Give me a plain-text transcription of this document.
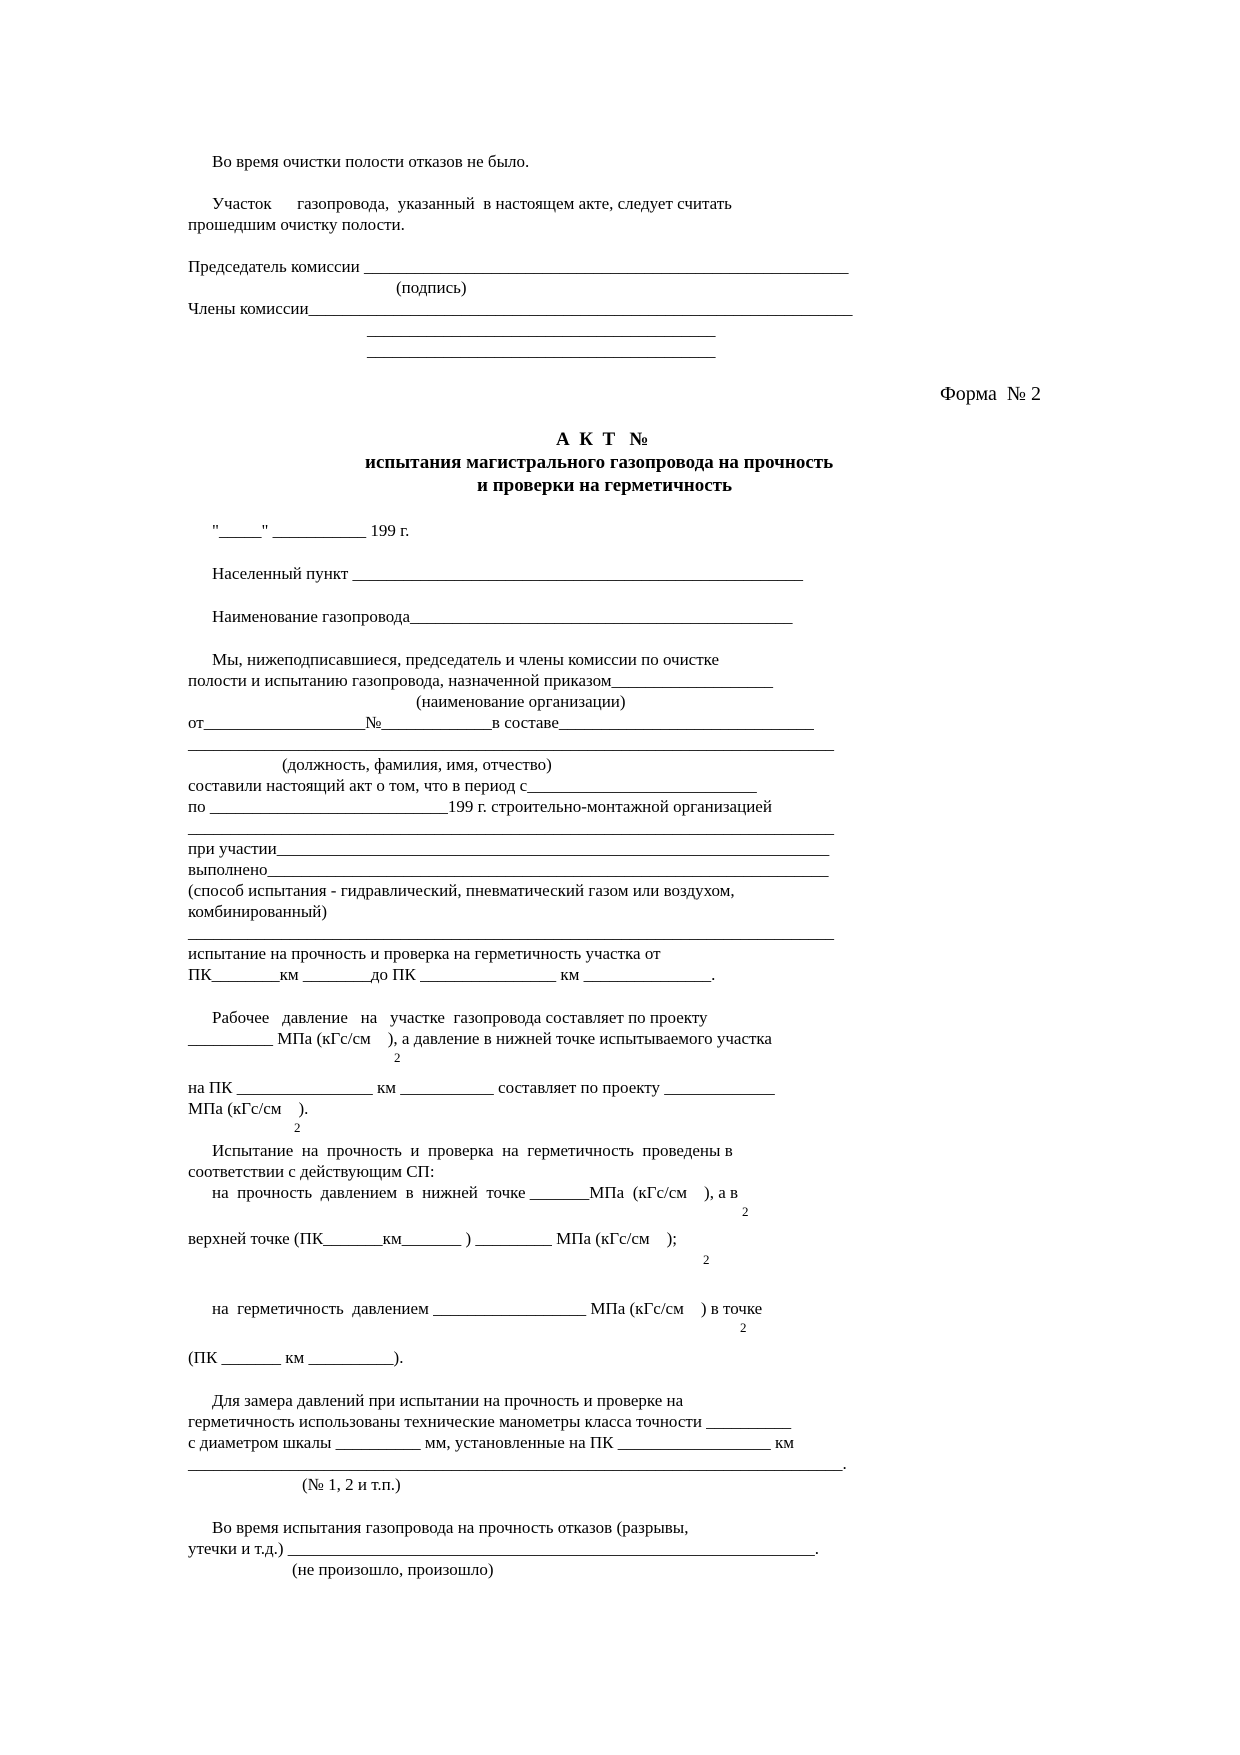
Во время очистки полости отказов не было.
Участок      газопровода,  указанный  в настоящем акте, следует считать
прошедшим очистку полости.
Председатель комиссии _________________________________________________________
(подпись)
Члены комиссии________________________________________________________________
_________________________________________
_________________________________________
Форма  № 2
А  К  Т   №
испытания магистрального газопровода на прочность
и проверки на герметичность
"_____" ___________ 199 г.
Населенный пункт _____________________________________________________
Наименование газопровода_____________________________________________
Мы, нижеподписавшиеся, председатель и члены комиссии по очистке
полости и испытанию газопровода, назначенной приказом___________________
(наименование организации)
от___________________№_____________в составе______________________________
____________________________________________________________________________
(должность, фамилия, имя, отчество)
составили настоящий акт о том, что в период с___________________________
по ____________________________199 г. строительно-монтажной организацией
____________________________________________________________________________
при участии_________________________________________________________________
выполнено__________________________________________________________________
(способ испытания - гидравлический, пневматический газом или воздухом,
комбинированный)
____________________________________________________________________________
испытание на прочность и проверка на герметичность участка от
ПК________км ________до ПК ________________ км _______________.
Рабочее   давление   на   участке  газопровода составляет по проекту
__________ МПа (кГс/см    ), а давление в нижней точке испытываемого участка
2
на ПК ________________ км ___________ составляет по проекту _____________
МПа (кГс/см    ).
2
Испытание  на  прочность  и  проверка  на  герметичность  проведены в
соответствии с действующим СП:
на  прочность  давлением  в  нижней  точке _______МПа  (кГс/см    ), а в
2
верхней точке (ПК_______км_______ ) _________ МПа (кГс/см    );
2
на  герметичность  давлением __________________ МПа (кГс/см    ) в точке
2
(ПК _______ км __________).
Для замера давлений при испытании на прочность и проверке на
герметичность использованы технические манометры класса точности __________
с диаметром шкалы __________ мм, установленные на ПК __________________ км
_____________________________________________________________________________.
(№ 1, 2 и т.п.)
Во время испытания газопровода на прочность отказов (разрывы,
утечки и т.д.) ______________________________________________________________.
(не произошло, произошло)
